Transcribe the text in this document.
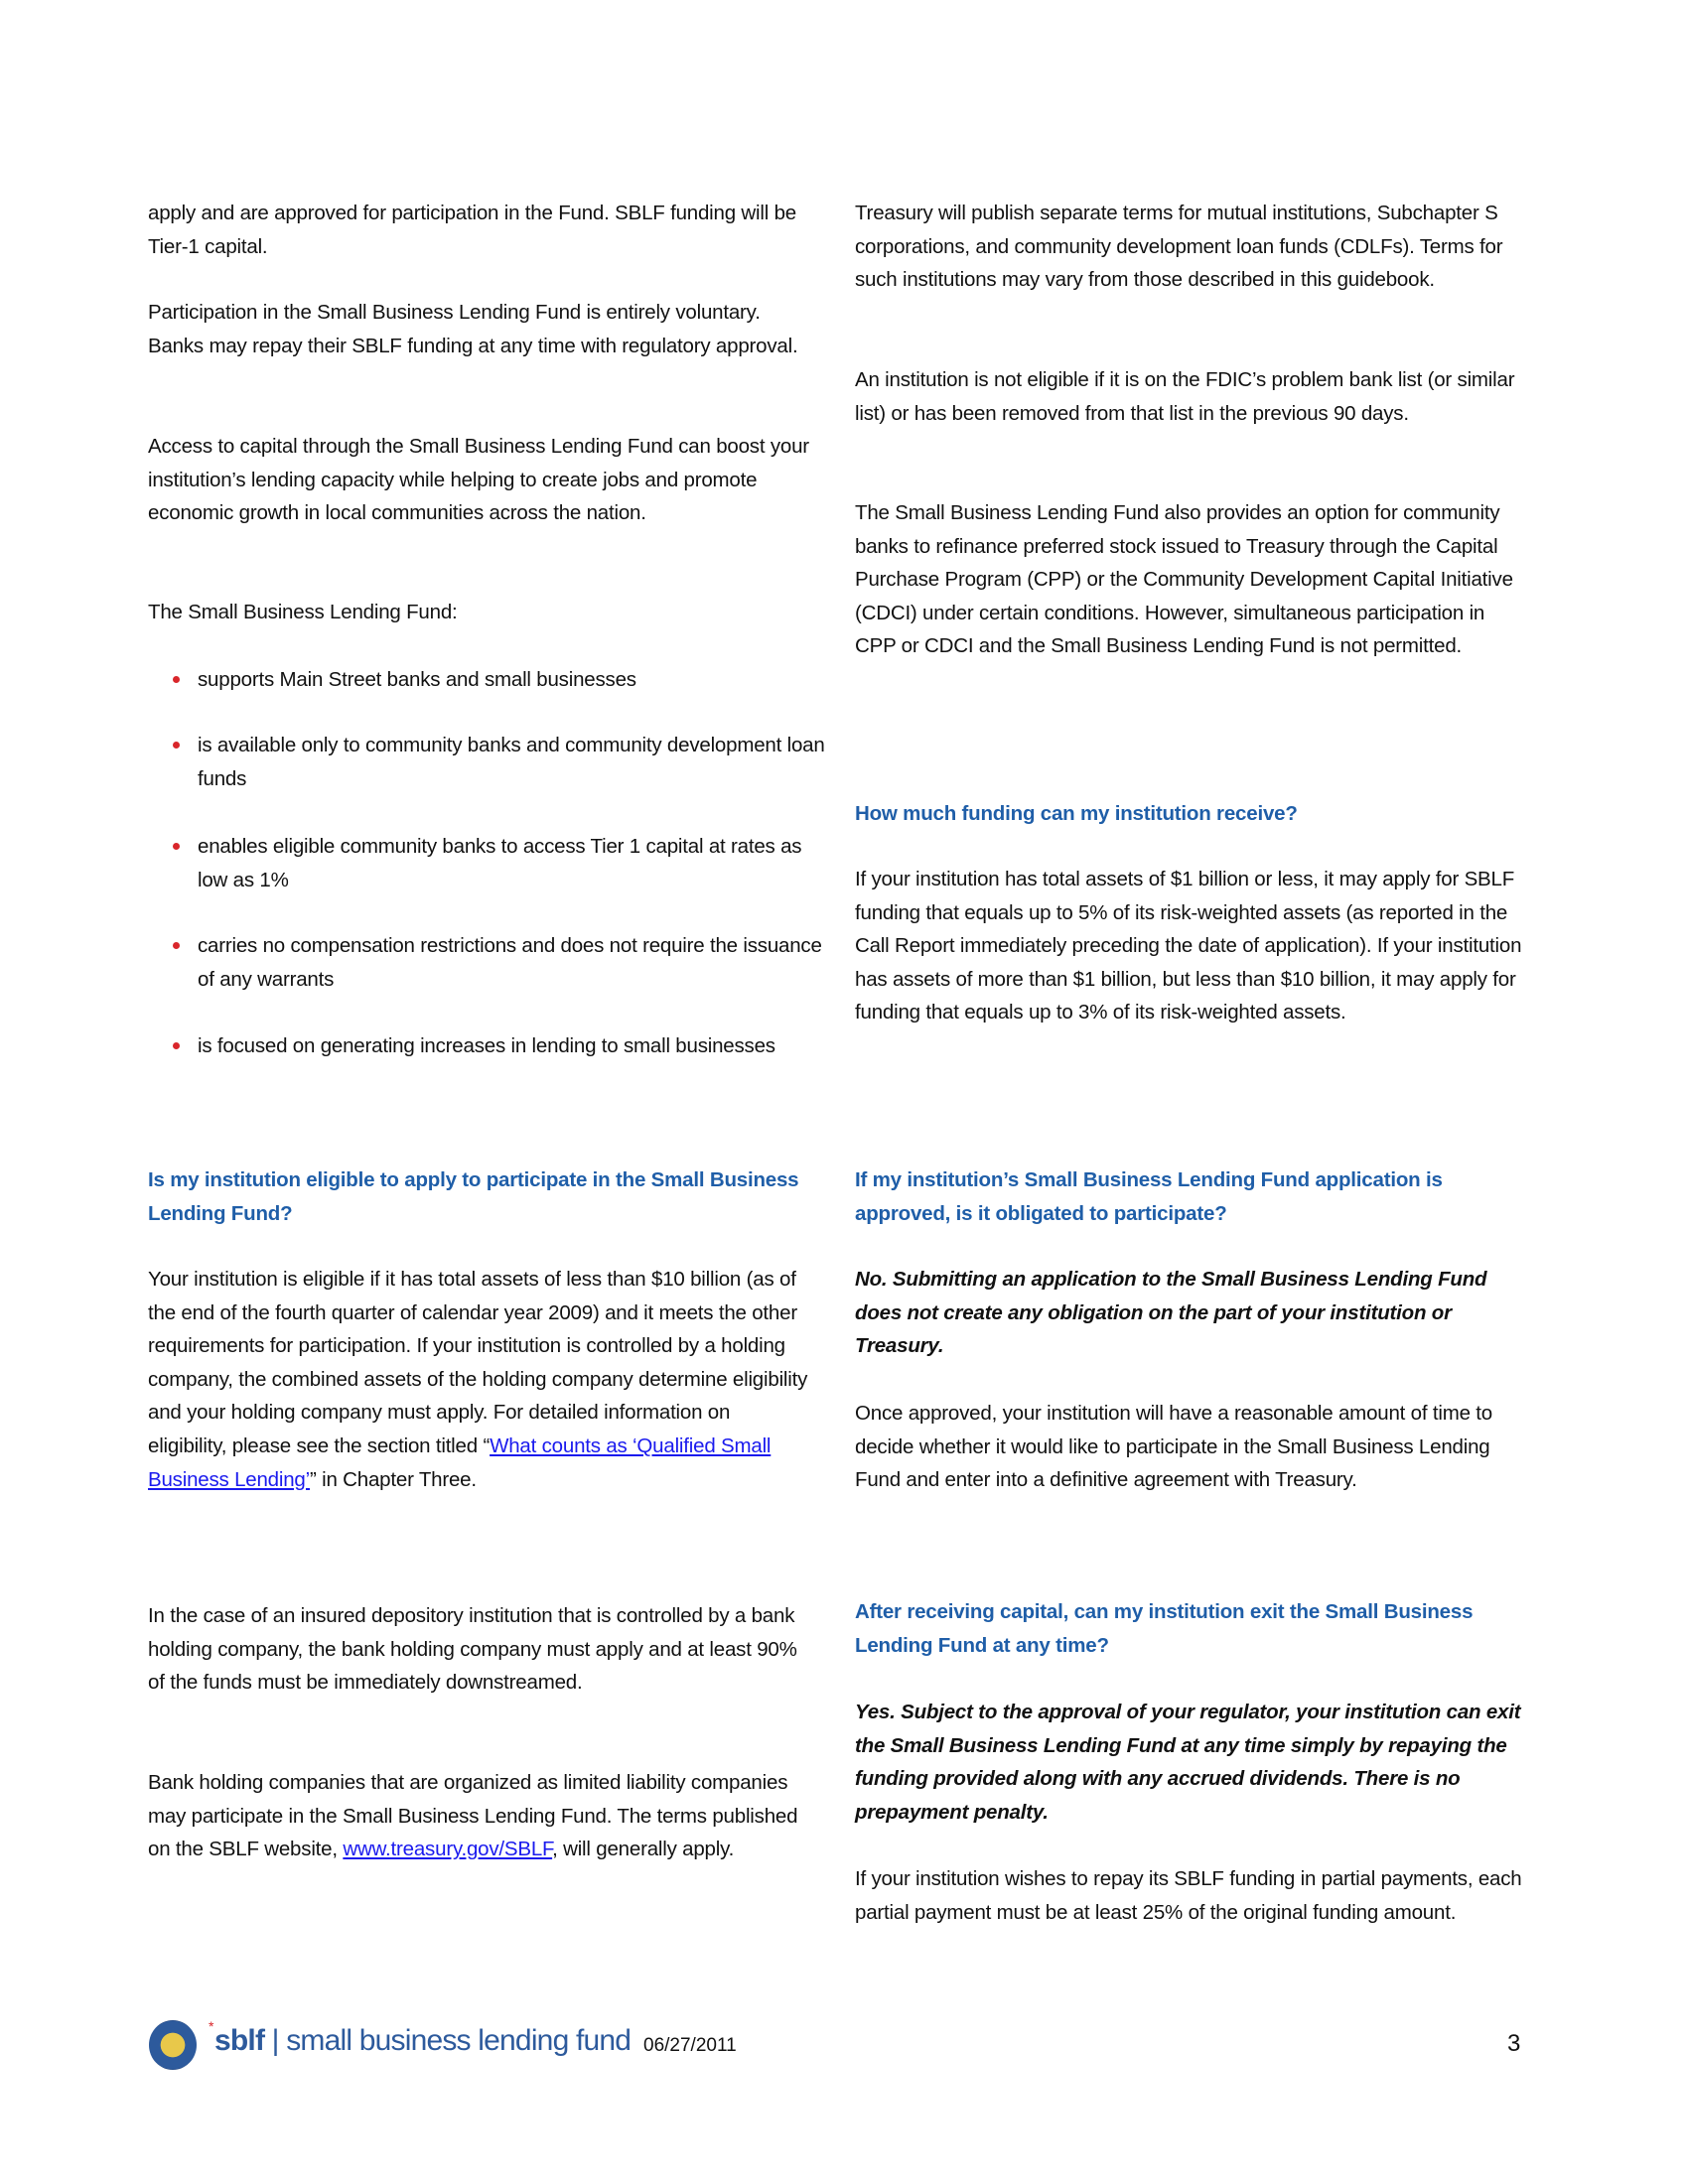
apply and are approved for participation in the Fund. SBLF funding will be Tier-1 capital.
Participation in the Small Business Lending Fund is entirely voluntary. Banks may repay their SBLF funding at any time with regulatory approval.
Access to capital through the Small Business Lending Fund can boost your institution’s lending capacity while helping to create jobs and promote economic growth in local communities across the nation.
The Small Business Lending Fund:
supports Main Street banks and small businesses
is available only to community banks and community development loan funds
enables eligible community banks to access Tier 1 capital at rates as low as 1%
carries no compensation restrictions and does not require the issuance of any warrants
is focused on generating increases in lending to small businesses
Is my institution eligible to apply to participate in the Small Business Lending Fund?
Your institution is eligible if it has total assets of less than $10 billion (as of the end of the fourth quarter of calendar year 2009) and it meets the other requirements for participation. If your institution is controlled by a holding company, the combined assets of the holding company determine eligibility and your holding company must apply. For detailed information on eligibility, please see the section titled “What counts as ‘Qualified Small Business Lending’” in Chapter Three.
In the case of an insured depository institution that is controlled by a bank holding company, the bank holding company must apply and at least 90% of the funds must be immediately downstreamed.
Bank holding companies that are organized as limited liability companies may participate in the Small Business Lending Fund. The terms published on the SBLF website, www.treasury.gov/SBLF, will generally apply.
Treasury will publish separate terms for mutual institutions, Subchapter S corporations, and community development loan funds (CDLFs). Terms for such institutions may vary from those described in this guidebook.
An institution is not eligible if it is on the FDIC’s problem bank list (or similar list) or has been removed from that list in the previous 90 days.
The Small Business Lending Fund also provides an option for community banks to refinance preferred stock issued to Treasury through the Capital Purchase Program (CPP) or the Community Development Capital Initiative (CDCI) under certain conditions. However, simultaneous participation in CPP or CDCI and the Small Business Lending Fund is not permitted.
How much funding can my institution receive?
If your institution has total assets of $1 billion or less, it may apply for SBLF funding that equals up to 5% of its risk-weighted assets (as reported in the Call Report immediately preceding the date of application). If your institution has assets of more than $1 billion, but less than $10 billion, it may apply for funding that equals up to 3% of its risk-weighted assets.
If my institution’s Small Business Lending Fund application is approved, is it obligated to participate?
No. Submitting an application to the Small Business Lending Fund does not create any obligation on the part of your institution or Treasury.
Once approved, your institution will have a reasonable amount of time to decide whether it would like to participate in the Small Business Lending Fund and enter into a definitive agreement with Treasury.
After receiving capital, can my institution exit the Small Business Lending Fund at any time?
Yes. Subject to the approval of your regulator, your institution can exit the Small Business Lending Fund at any time simply by repaying the funding provided along with any accrued dividends. There is no prepayment penalty.
If your institution wishes to repay its SBLF funding in partial payments, each partial payment must be at least 25% of the original funding amount.
* sblf | small business lending fund 06/27/2011	3
